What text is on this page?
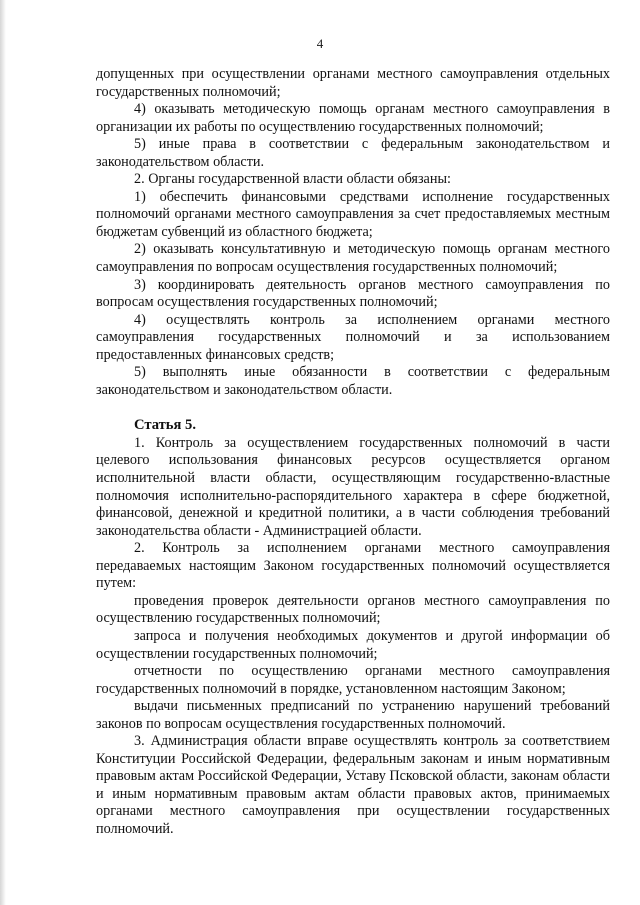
4

допущенных при осуществлении органами местного самоуправления отдельных государственных полномочий;

4) оказывать методическую помощь органам местного самоуправления в организации их работы по осуществлению государственных полномочий;

5) иные права в соответствии с федеральным законодательством и законодательством области.

2. Органы государственной власти области обязаны:

1) обеспечить финансовыми средствами исполнение государственных полномочий органами местного самоуправления за счет предоставляемых местным бюджетам субвенций из областного бюджета;

2) оказывать консультативную и методическую помощь органам местного самоуправления по вопросам осуществления государственных полномочий;

3) координировать деятельность органов местного самоуправления по вопросам осуществления государственных полномочий;

4) осуществлять контроль за исполнением органами местного самоуправления государственных полномочий и за использованием предоставленных финансовых средств;

5) выполнять иные обязанности в соответствии с федеральным законодательством и законодательством области.

Статья 5.

1. Контроль за осуществлением государственных полномочий в части целевого использования финансовых ресурсов осуществляется органом исполнительной власти области, осуществляющим государственно-властные полномочия исполнительно-распорядительного характера в сфере бюджетной, финансовой, денежной и кредитной политики, а в части соблюдения требований законодательства области - Администрацией области.

2. Контроль за исполнением органами местного самоуправления передаваемых настоящим Законом государственных полномочий осуществляется путем:

проведения проверок деятельности органов местного самоуправления по осуществлению государственных полномочий;

запроса и получения необходимых документов и другой информации об осуществлении государственных полномочий;

отчетности по осуществлению органами местного самоуправления государственных полномочий в порядке, установленном настоящим Законом;

выдачи письменных предписаний по устранению нарушений требований законов по вопросам осуществления государственных полномочий.

3. Администрация области вправе осуществлять контроль за соответствием Конституции Российской Федерации, федеральным законам и иным нормативным правовым актам Российской Федерации, Уставу Псковской области, законам области и иным нормативным правовым актам области правовых актов, принимаемых органами местного самоуправления при осуществлении государственных полномочий.
